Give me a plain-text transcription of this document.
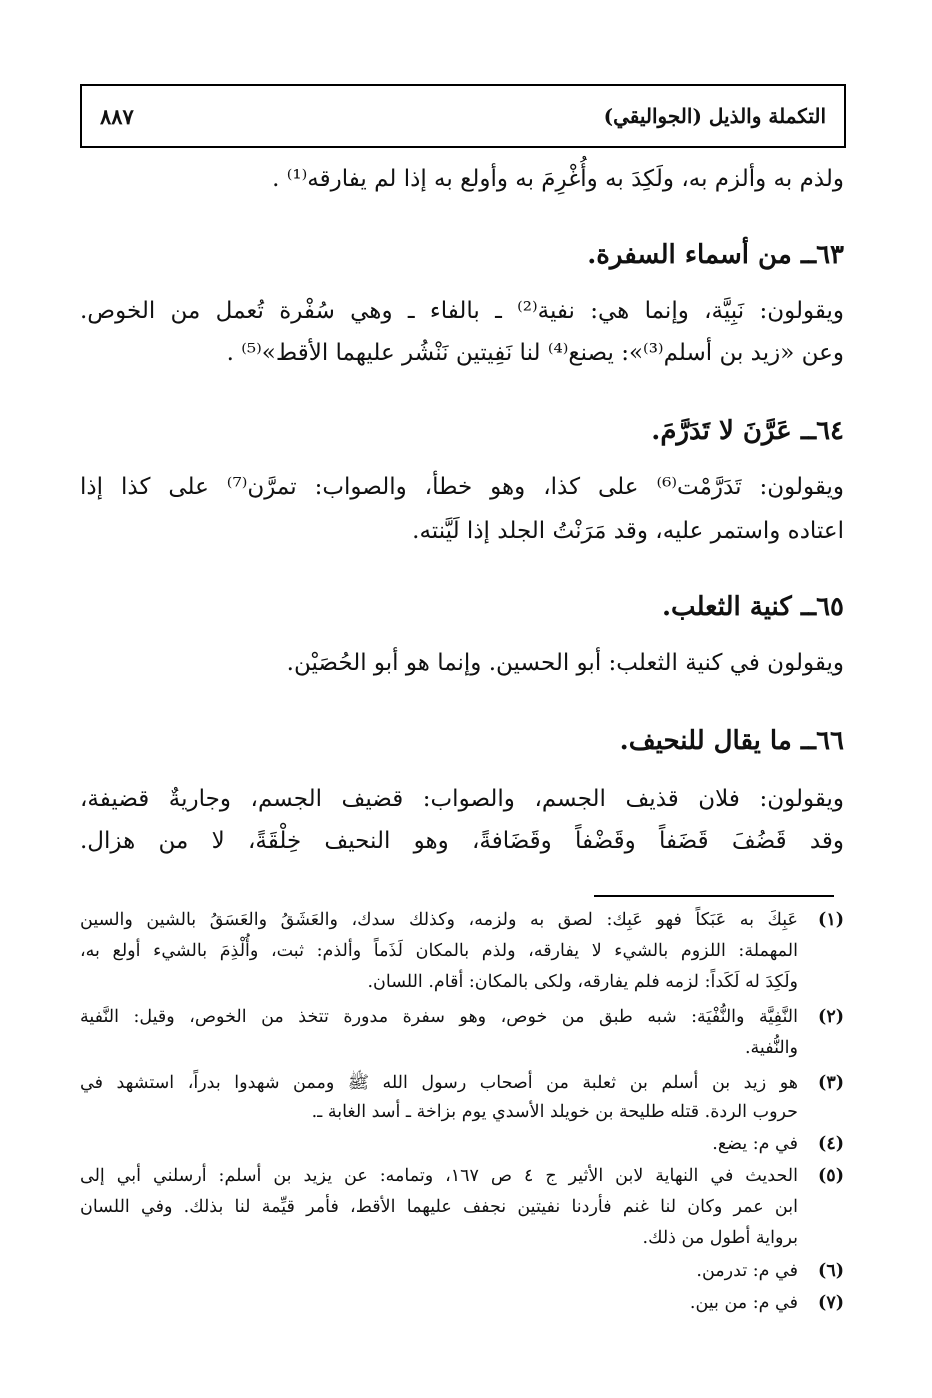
التكملة والذيل (الجواليقي)
٨٨٧
ولذم به وألزم به، ولَكِدَ به وأُغْرِمَ به وأولع به إذا لم يفارقه⁽¹⁾ .
٦٣ــ من أسماء السفرة.
ويقولون: نَبِيَّة، وإنما هي: نفية⁽²⁾ ـ بالفاء ـ وهي سُفْرة تُعمل من الخوص.
وعن «زيد بن أسلم⁽³⁾»: يصنع⁽⁴⁾ لنا نَفِيتين نَنْشُر عليهما الأقط»⁽⁵⁾ .
٦٤ــ عَرَّنَ لا تَدَرَّمَ.
ويقولون: تَدَرَّمْت⁽⁶⁾ على كذا، وهو خطأ، والصواب: تمرَّن⁽⁷⁾ على كذا إذا
اعتاده واستمر عليه، وقد مَرَنْتُ الجلد إذا لَيَّنته.
٦٥ــ كنية الثعلب.
ويقولون في كنية الثعلب: أبو الحسين. وإنما هو أبو الحُصَيْن.
٦٦ــ ما يقال للنحيف.
ويقولون: فلان قذيف الجسم، والصواب: قضيف الجسم، وجاريةٌ قضيفة،
وقد قَضُفَ قَضَفاً وقَضْفاً وقَضَافةً، وهو النحيف خِلْقَةً، لا من هزال.
(١)عَبِكَ به عَبَكاً فهو عَبِك: لصق به ولزمه، وكذلك سدك، والعَشَقُ والعَسَقُ بالشين والسين
المهملة: اللزوم بالشيء لا يفارقه، ولذم بالمكان لَذَماً وألذم: ثبت، وأُلْذِمَ بالشيء أولع به،
ولَكِدَ له لَكَداً: لزمه فلم يفارقه، ولكى بالمكان: أقام. اللسان.
(٢)النَّفِيَّة والنُّفْيَة: شبه طبق من خوص، وهو سفرة مدورة تتخذ من الخوص، وقيل: النَّفية
والنُّفية.
(٣)هو زيد بن أسلم بن ثعلبة من أصحاب رسول الله ﷺ وممن شهدوا بدراً، استشهد في
حروب الردة. قتله طليحة بن خويلد الأسدي يوم بزاخة ـ أسد الغابة ـ.
(٤)في م: يضع.
(٥)الحديث في النهاية لابن الأثير ج ٤ ص ١٦٧، وتمامه: عن يزيد بن أسلم: أرسلني أبي إلى
ابن عمر وكان لنا غنم فأردنا نفيتين نجفف عليهما الأقط، فأمر قيِّمة لنا بذلك. وفي اللسان
برواية أطول من ذلك.
(٦)في م: تدرمن.
(٧)في م: من بين.
